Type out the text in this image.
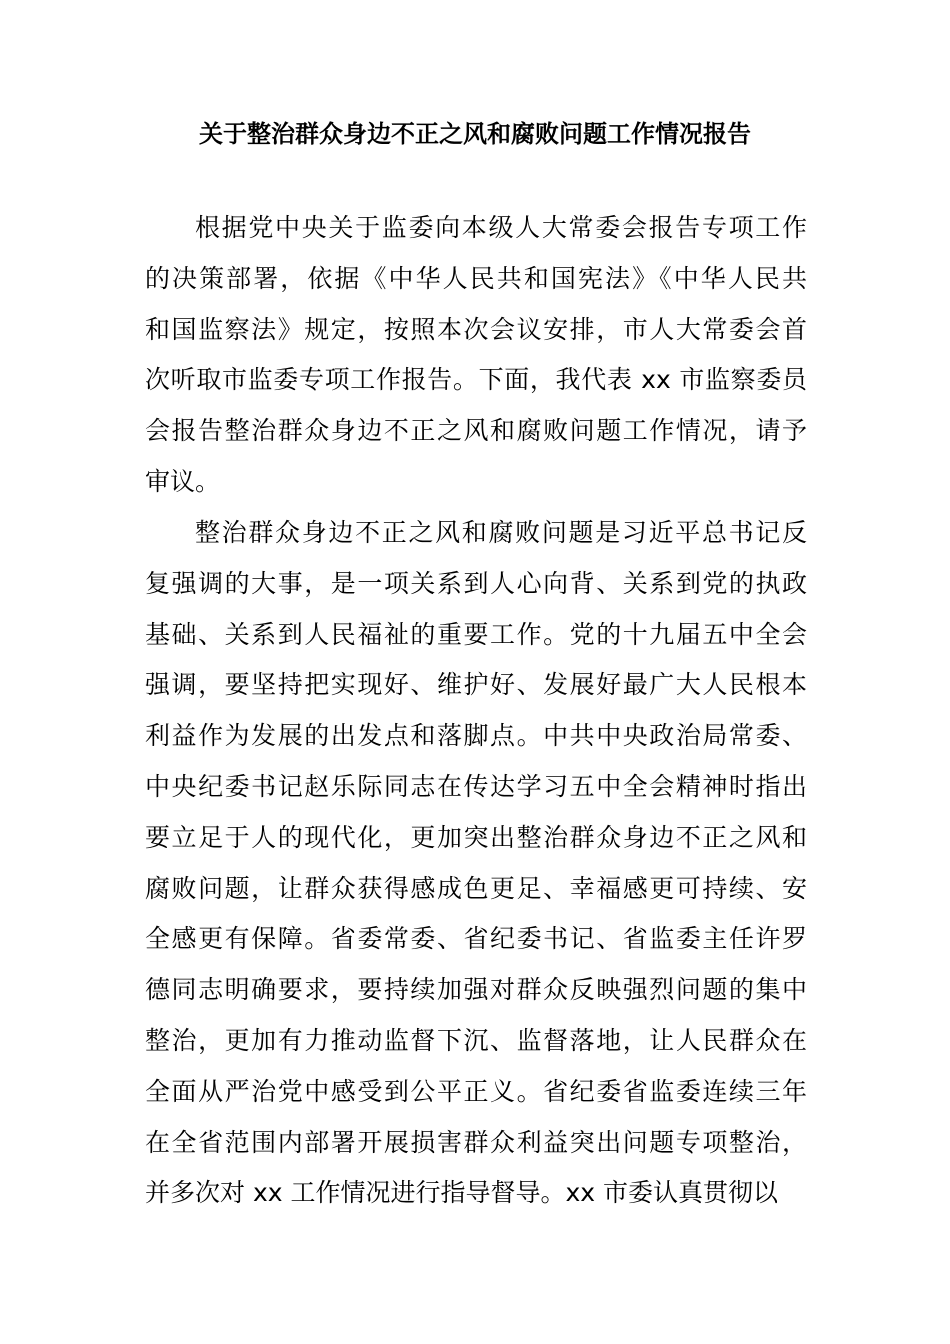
关于整治群众身边不正之风和腐败问题工作情况报告
根据党中央关于监委向本级人大常委会报告专项工作
的决策部署，依据《中华人民共和国宪法》《中华人民共
和国监察法》规定，按照本次会议安排，市人大常委会首
次听取市监委专项工作报告。下面，我代表 xx 市监察委员
会报告整治群众身边不正之风和腐败问题工作情况，请予
审议。
整治群众身边不正之风和腐败问题是习近平总书记反
复强调的大事，是一项关系到人心向背、关系到党的执政
基础、关系到人民福祉的重要工作。党的十九届五中全会
强调，要坚持把实现好、维护好、发展好最广大人民根本
利益作为发展的出发点和落脚点。中共中央政治局常委、
中央纪委书记赵乐际同志在传达学习五中全会精神时指出
要立足于人的现代化，更加突出整治群众身边不正之风和
腐败问题，让群众获得感成色更足、幸福感更可持续、安
全感更有保障。省委常委、省纪委书记、省监委主任许罗
德同志明确要求，要持续加强对群众反映强烈问题的集中
整治，更加有力推动监督下沉、监督落地，让人民群众在
全面从严治党中感受到公平正义。省纪委省监委连续三年
在全省范围内部署开展损害群众利益突出问题专项整治，
并多次对 xx 工作情况进行指导督导。xx 市委认真贯彻以
